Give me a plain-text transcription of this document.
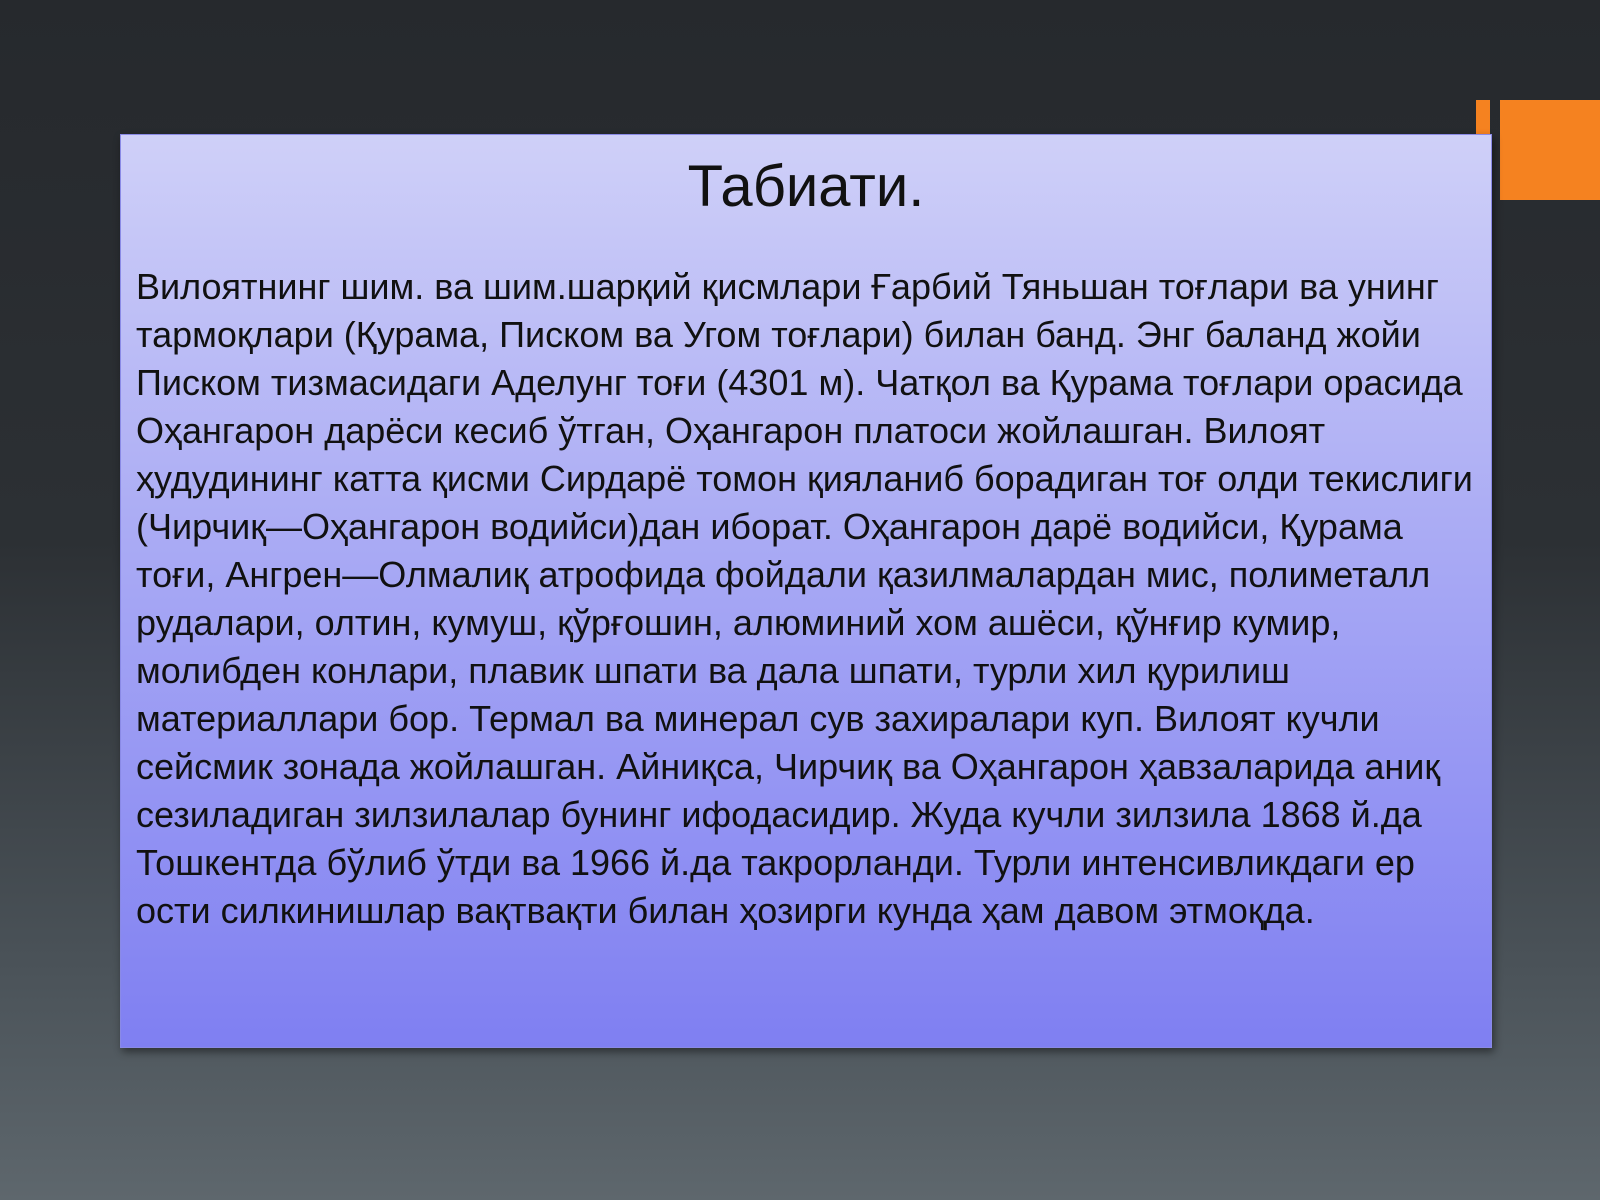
Табиати.

Вилоятнинг шим. ва шим.шарқий қисмлари Ғарбий Тяньшан тоғлари ва унинг тармоқлари (Қурама, Писком ва Угом тоғлари) билан банд. Энг баланд жойи Писком тизмасидаги Аделунг тоғи (4301 м). Чатқол ва Қурама тоғлари орасида Оҳангарон дарёси кесиб ўтган, Оҳангарон платоси жойлашган. Вилоят ҳудудининг катта қисми Сирдарё томон қияланиб борадиган тоғ олди текислиги (Чирчиқ—Оҳангарон водийси)дан иборат. Оҳангарон дарё водийси, Қурама тоғи, Ангрен—Олмалиқ атрофида фойдали қазилмалардан мис, полиметалл рудалари, олтин, кумуш, қўрғошин, алюминий хом ашёси, қўнғир кумир, молибден конлари, плавик шпати ва дала шпати, турли хил қурилиш материаллари бор. Термал ва минерал сув захиралари куп. Вилоят кучли сейсмик зонада жойлашган. Айниқса, Чирчиқ ва Оҳангарон ҳавзаларида аниқ сезиладиган зилзилалар бунинг ифодасидир. Жуда кучли зилзила 1868 й.да Тошкентда бўлиб ўтди ва 1966 й.да такрорланди. Турли интенсивликдаги ер ости силкинишлар вақтвақти билан ҳозирги кунда ҳам давом этмоқда.
